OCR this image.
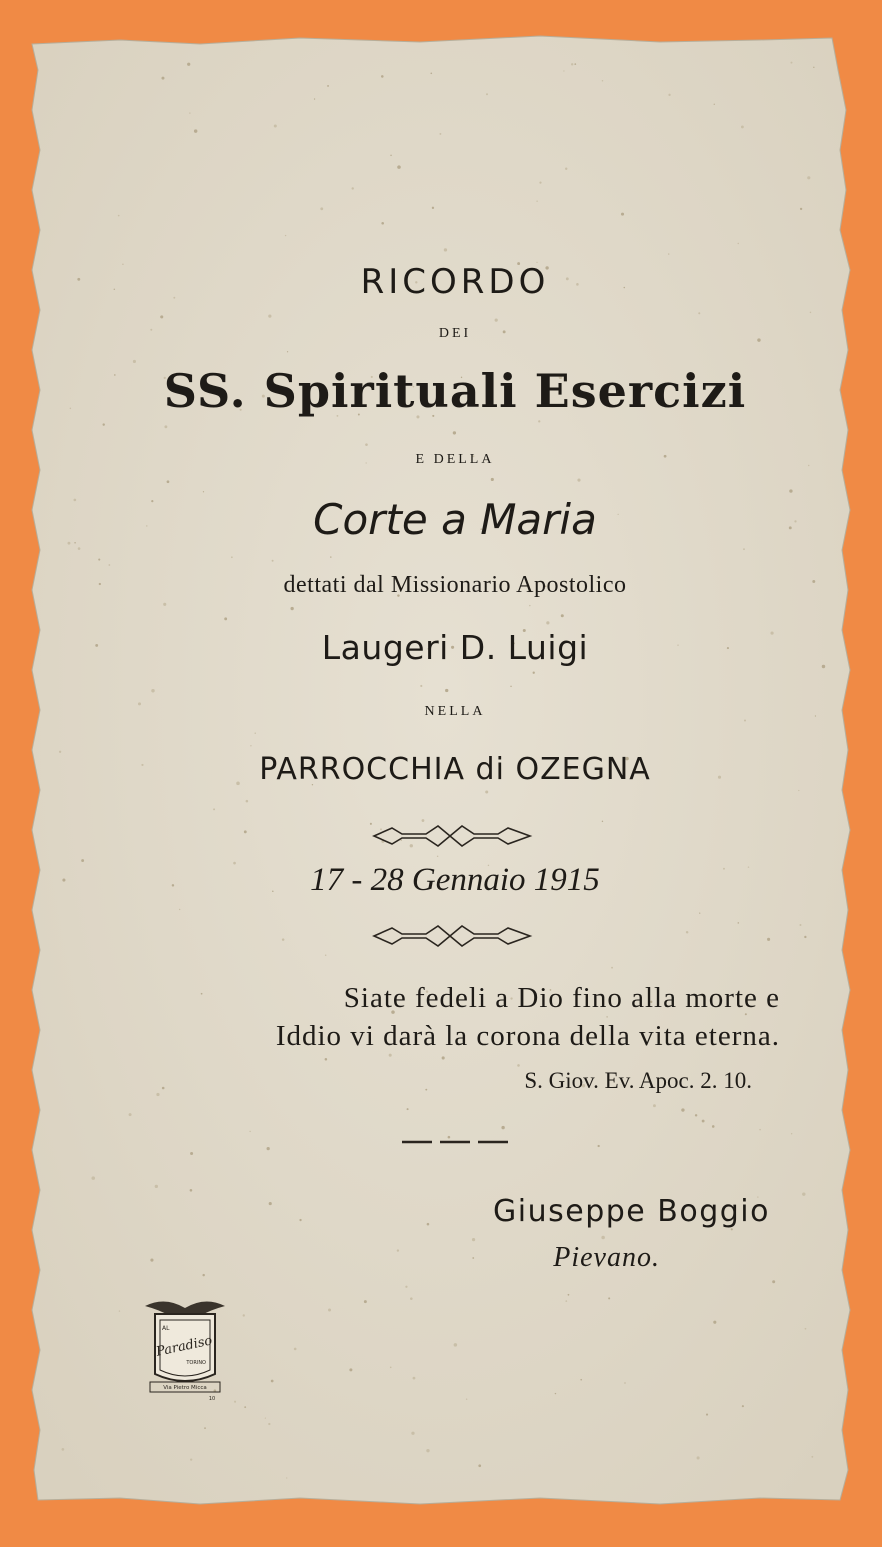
RICORDO
DEI
SS. Spirituali Esercizi
E DELLA
Corte a Maria
dettati dal Missionario Apostolico
Laugeri D. Luigi
NELLA
PARROCCHIA di OZEGNA
17 - 28 Gennaio 1915
Siate fedeli a Dio fino alla morte e
Iddio vi darà la corona della vita eterna.
S. Giov. Ev. Apoc. 2. 10.
Giuseppe Boggio
Pievano.
AL
Paradiso
TORINO
Via Pietro Micca
10
